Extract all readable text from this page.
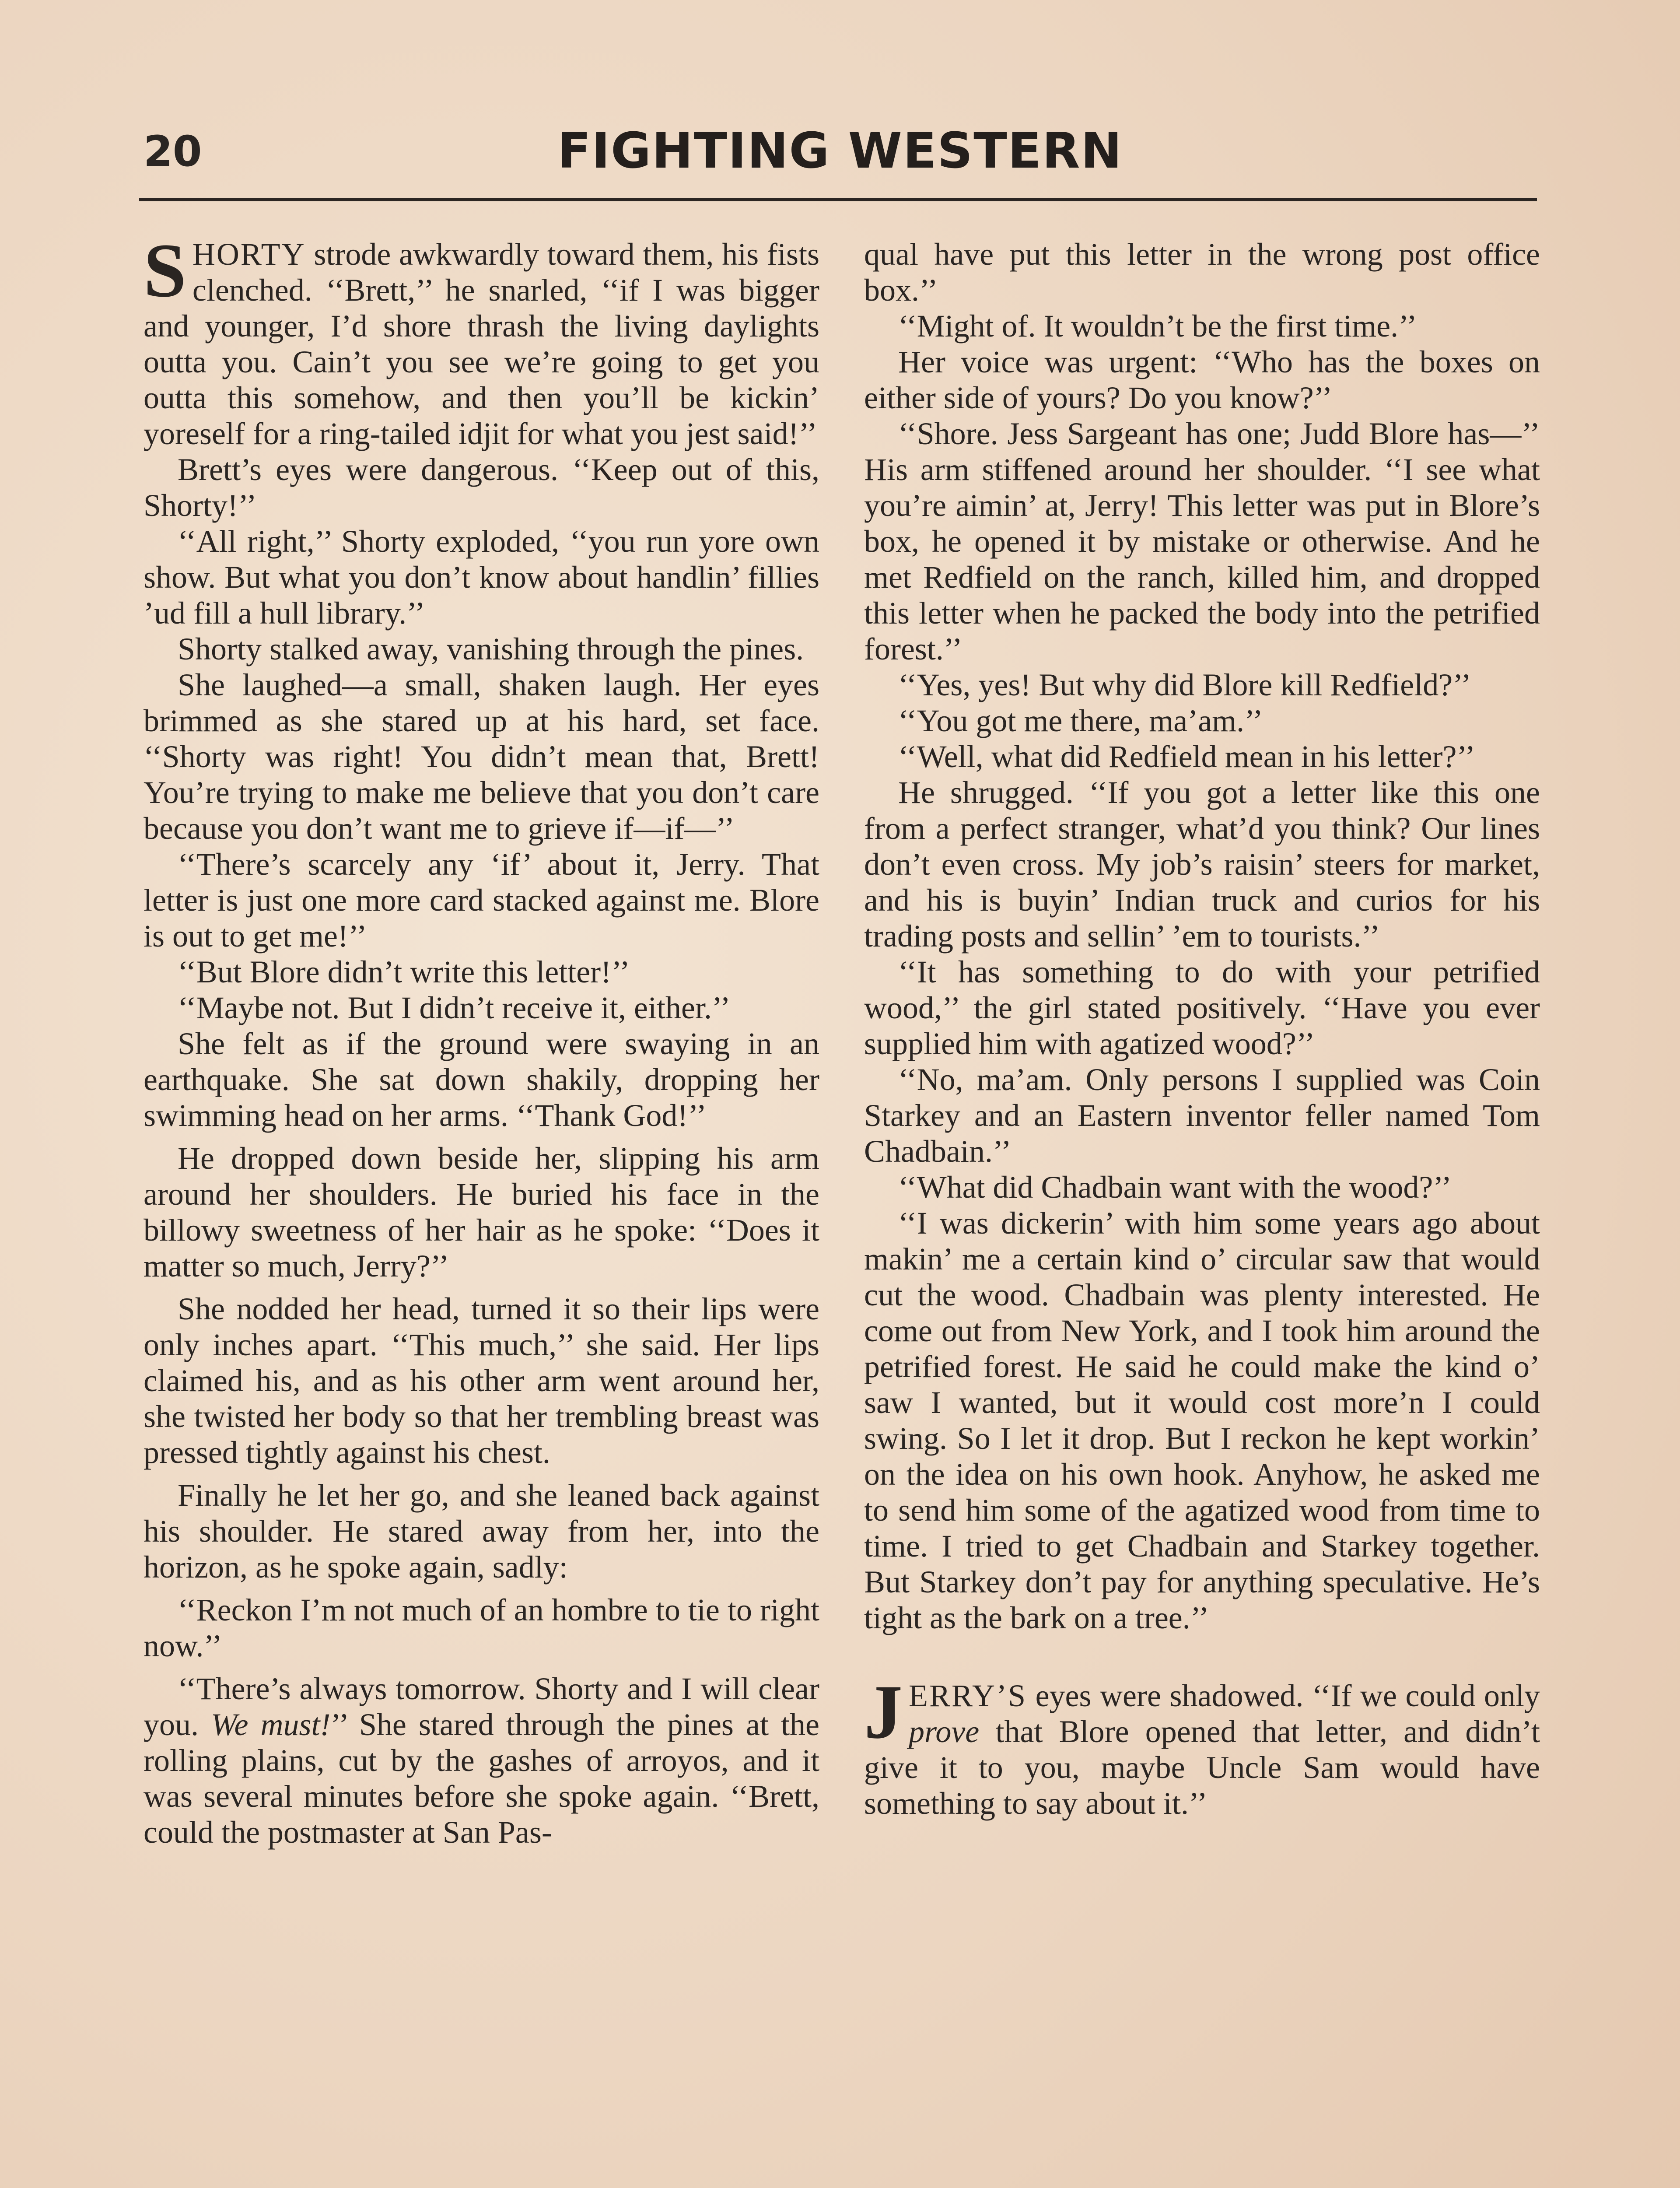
20	FIGHTING WESTERN

SHORTY strode awkwardly toward them, his fists clenched. ‘‘Brett,’’ he snarled, ‘‘if I was bigger and younger, I’d shore thrash the living daylights outta you. Cain’t you see we’re going to get you outta this somehow, and then you’ll be kickin’ yoreself for a ring-tailed idjit for what you jest said!’’

Brett’s eyes were dangerous. ‘‘Keep out of this, Shorty!’’

‘‘All right,’’ Shorty exploded, ‘‘you run yore own show. But what you don’t know about handlin’ fillies ’ud fill a hull library.’’

Shorty stalked away, vanishing through the pines.

She laughed—a small, shaken laugh. Her eyes brimmed as she stared up at his hard, set face. ‘‘Shorty was right! You didn’t mean that, Brett! You’re trying to make me believe that you don’t care because you don’t want me to grieve if—if—’’

‘‘There’s scarcely any ‘if’ about it, Jerry. That letter is just one more card stacked against me. Blore is out to get me!’’

‘‘But Blore didn’t write this letter!’’

‘‘Maybe not. But I didn’t receive it, either.’’

She felt as if the ground were swaying in an earthquake. She sat down shakily, dropping her swimming head on her arms. ‘‘Thank God!’’

He dropped down beside her, slipping his arm around her shoulders. He buried his face in the billowy sweetness of her hair as he spoke: ‘‘Does it matter so much, Jerry?’’

She nodded her head, turned it so their lips were only inches apart. ‘‘This much,’’ she said. Her lips claimed his, and as his other arm went around her, she twisted her body so that her trembling breast was pressed tightly against his chest.

Finally he let her go, and she leaned back against his shoulder. He stared away from her, into the horizon, as he spoke again, sadly:

‘‘Reckon I’m not much of an hombre to tie to right now.’’

‘‘There’s always tomorrow. Shorty and I will clear you. We must!’’ She stared through the pines at the rolling plains, cut by the gashes of arroyos, and it was several minutes before she spoke again. ‘‘Brett, could the postmaster at San Pas-

qual have put this letter in the wrong post office box.’’

‘‘Might of. It wouldn’t be the first time.’’

Her voice was urgent: ‘‘Who has the boxes on either side of yours? Do you know?’’

‘‘Shore. Jess Sargeant has one; Judd Blore has—’’ His arm stiffened around her shoulder. ‘‘I see what you’re aimin’ at, Jerry! This letter was put in Blore’s box, he opened it by mistake or otherwise. And he met Redfield on the ranch, killed him, and dropped this letter when he packed the body into the petrified forest.’’

‘‘Yes, yes! But why did Blore kill Redfield?’’

‘‘You got me there, ma’am.’’

‘‘Well, what did Redfield mean in his letter?’’

He shrugged. ‘‘If you got a letter like this one from a perfect stranger, what’d you think? Our lines don’t even cross. My job’s raisin’ steers for market, and his is buyin’ Indian truck and curios for his trading posts and sellin’ ’em to tourists.’’

‘‘It has something to do with your petrified wood,’’ the girl stated positively. ‘‘Have you ever supplied him with agatized wood?’’

‘‘No, ma’am. Only persons I supplied was Coin Starkey and an Eastern inventor feller named Tom Chadbain.’’

‘‘What did Chadbain want with the wood?’’

‘‘I was dickerin’ with him some years ago about makin’ me a certain kind o’ circular saw that would cut the wood. Chadbain was plenty interested. He come out from New York, and I took him around the petrified forest. He said he could make the kind o’ saw I wanted, but it would cost more’n I could swing. So I let it drop. But I reckon he kept workin’ on the idea on his own hook. Anyhow, he asked me to send him some of the agatized wood from time to time. I tried to get Chadbain and Starkey together. But Starkey don’t pay for anything speculative. He’s tight as the bark on a tree.’’

JERRY’S eyes were shadowed. ‘‘If we could only prove that Blore opened that letter, and didn’t give it to you, maybe Uncle Sam would have something to say about it.’’
